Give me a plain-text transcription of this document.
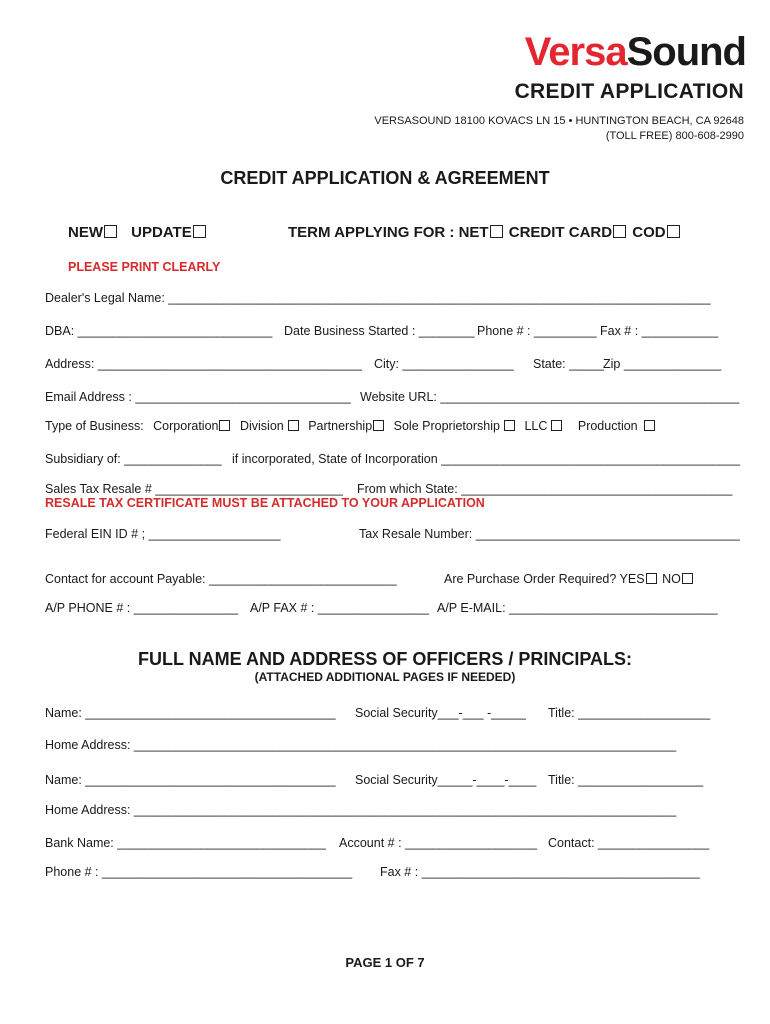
VersaSound
CREDIT APPLICATION
VERSASOUND 18100 KOVACS LN 15 • HUNTINGTON BEACH, CA 92648
(TOLL FREE) 800-608-2990
CREDIT APPLICATION & AGREEMENT
NEW UPDATE	TERM APPLYING FOR : NET CREDIT CARD COD
PLEASE PRINT CLEARLY
Dealer's Legal Name: ______________________________________________________________________________
DBA: ____________________________ Date Business Started : ________ Phone # : _________ Fax # : ___________
Address: ______________________________________ City: ________________ State: _____ Zip ______________
Email Address : _______________________________ Website URL: ___________________________________________
Type of Business: Corporation Division Partnership Sole Proprietorship LLC Production
Subsidiary of: ______________ if incorporated, State of Incorporation ___________________________________________
Sales Tax Resale # ___________________________ From which State: _______________________________________
RESALE TAX CERTIFICATE MUST BE ATTACHED TO YOUR APPLICATION
Federal EIN ID # ; ___________________	Tax Resale Number: ______________________________________
Contact for account Payable: ___________________________	Are Purchase Order Required? YES NO
A/P PHONE # : _______________ A/P FAX # : ________________ A/P E-MAIL: ______________________________
FULL NAME AND ADDRESS OF OFFICERS / PRINCIPALS:
(ATTACHED ADDITIONAL PAGES IF NEEDED)
Name: ____________________________________ Social Security___-___ -_____ Title: ___________________
Home Address: ______________________________________________________________________________
Name: ____________________________________ Social Security_____-____-____ Title: __________________
Home Address: ______________________________________________________________________________
Bank Name: ______________________________ Account # : ___________________ Contact: ________________
Phone # : ____________________________________ Fax # : ________________________________________
PAGE 1 OF 7
